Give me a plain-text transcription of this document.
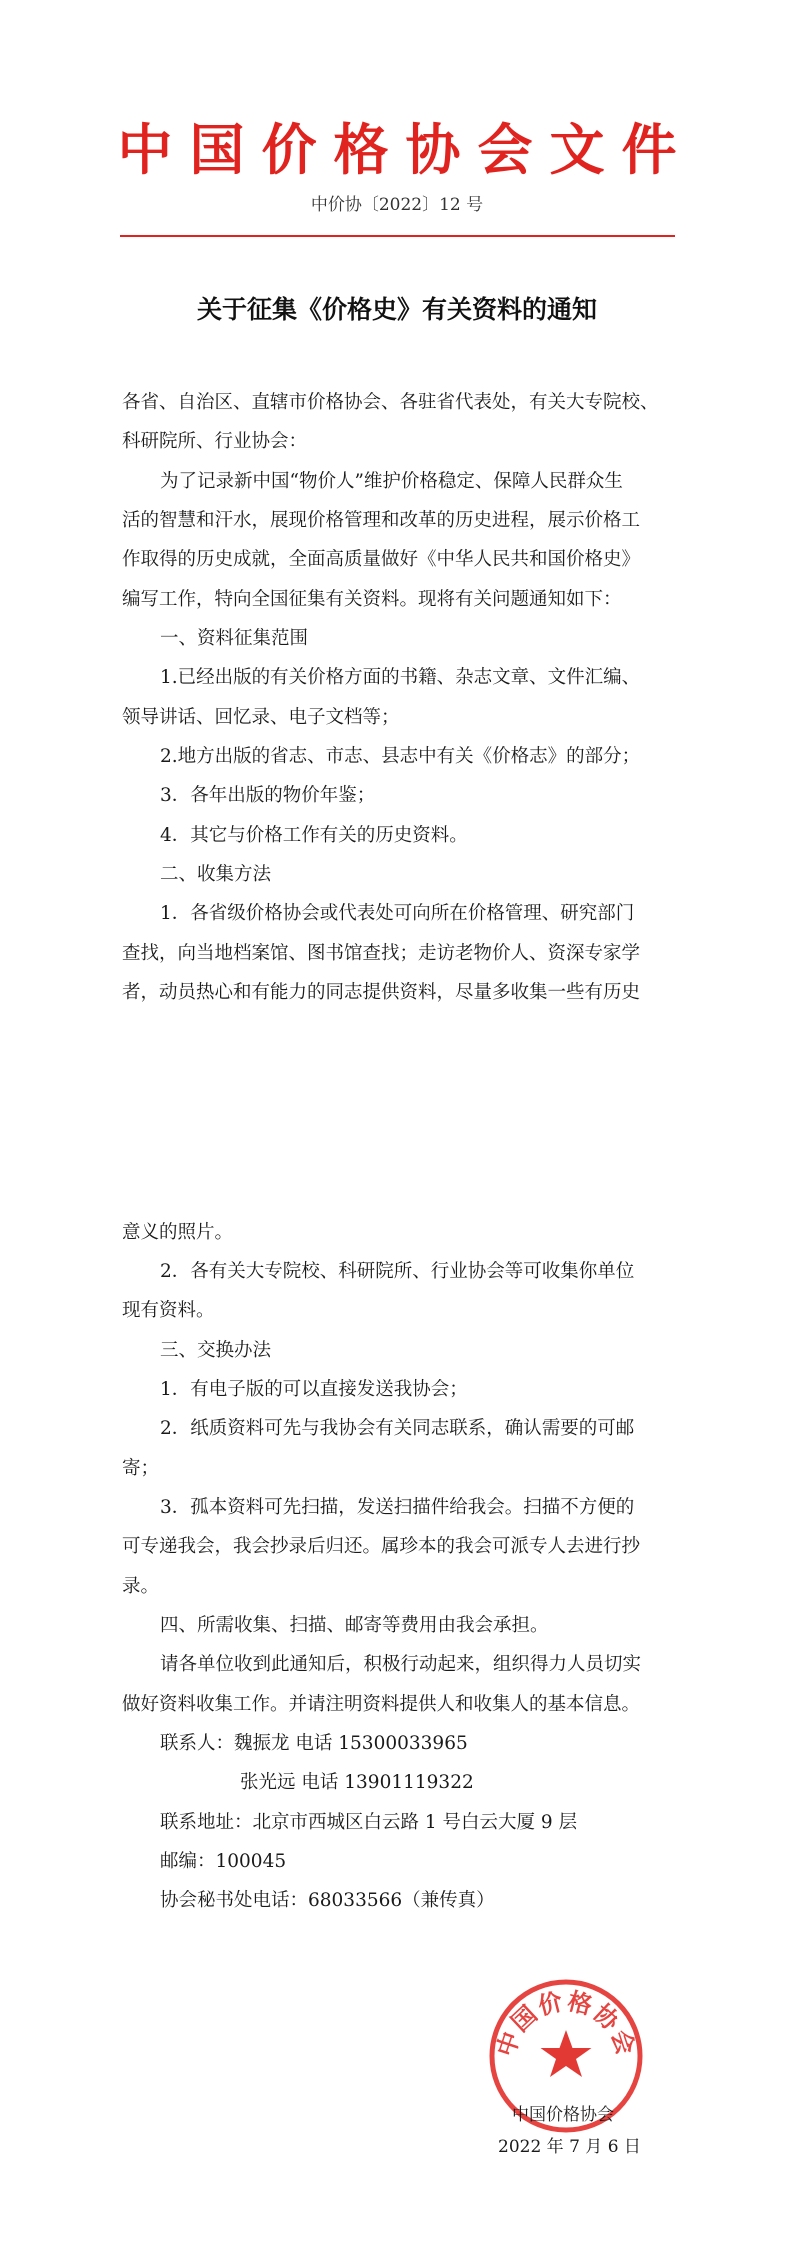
中国价格协会文件
中价协〔2022〕12 号
关于征集《价格史》有关资料的通知
各省、自治区、直辖市价格协会、各驻省代表处，有关大专院校、
科研院所、行业协会：
为了记录新中国“物价人”维护价格稳定、保障人民群众生
活的智慧和汗水，展现价格管理和改革的历史进程，展示价格工
作取得的历史成就，全面高质量做好《中华人民共和国价格史》
编写工作，特向全国征集有关资料。现将有关问题通知如下：
一、资料征集范围
1.已经出版的有关价格方面的书籍、杂志文章、文件汇编、
领导讲话、回忆录、电子文档等；
2.地方出版的省志、市志、县志中有关《价格志》的部分；
3．各年出版的物价年鉴；
4．其它与价格工作有关的历史资料。
二、收集方法
1．各省级价格协会或代表处可向所在价格管理、研究部门
查找，向当地档案馆、图书馆查找；走访老物价人、资深专家学
者，动员热心和有能力的同志提供资料，尽量多收集一些有历史
意义的照片。
2．各有关大专院校、科研院所、行业协会等可收集你单位
现有资料。
三、交换办法
1．有电子版的可以直接发送我协会；
2．纸质资料可先与我协会有关同志联系，确认需要的可邮
寄；
3．孤本资料可先扫描，发送扫描件给我会。扫描不方便的
可专递我会，我会抄录后归还。属珍本的我会可派专人去进行抄
录。
四、所需收集、扫描、邮寄等费用由我会承担。
请各单位收到此通知后，积极行动起来，组织得力人员切实
做好资料收集工作。并请注明资料提供人和收集人的基本信息。
联系人：魏振龙 电话 15300033965
张光远 电话 13901119322
联系地址：北京市西城区白云路 1 号白云大厦 9 层
邮编：100045
协会秘书处电话：68033566（兼传真）
中国价格协会
中国价格协会
2022 年 7 月 6 日
